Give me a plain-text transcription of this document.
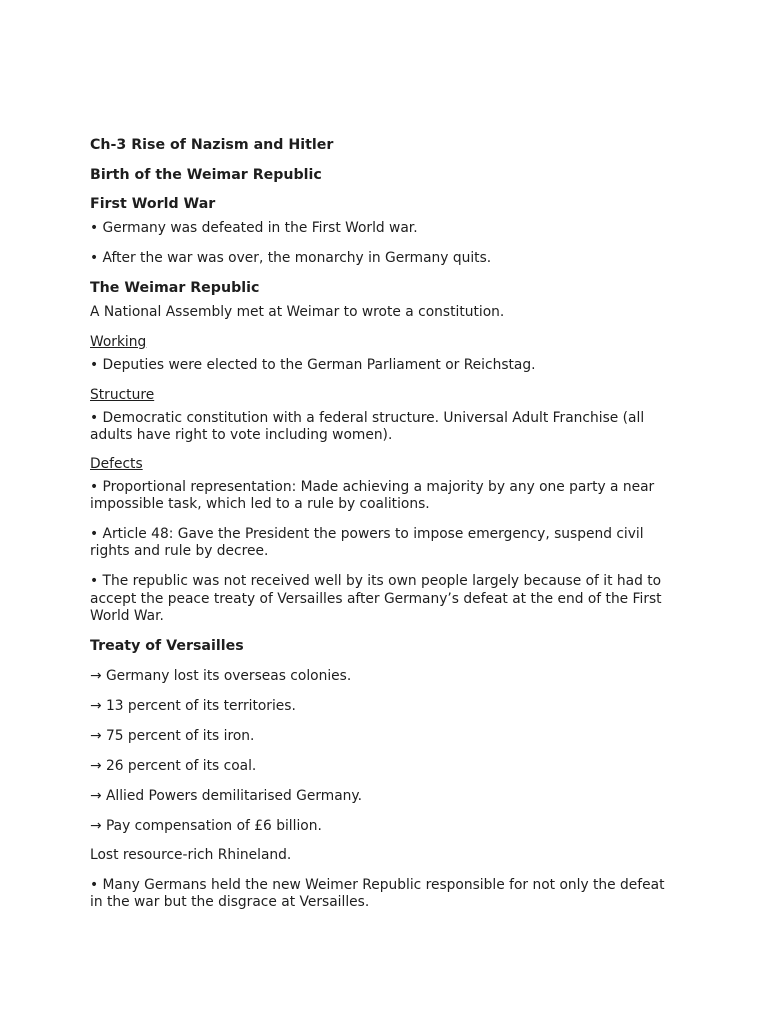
Ch-3 Rise of Nazism and Hitler
Birth of the Weimar Republic
First World War
• Germany was defeated in the First World war.
• After the war was over, the monarchy in Germany quits.
The Weimar Republic
A National Assembly met at Weimar to wrote a constitution.
Working
• Deputies were elected to the German Parliament or Reichstag.
Structure
• Democratic constitution with a federal structure. Universal Adult Franchise (all
adults have right to vote including women).
Defects
• Proportional representation: Made achieving a majority by any one party a near
impossible task, which led to a rule by coalitions.
• Article 48: Gave the President the powers to impose emergency, suspend civil
rights and rule by decree.
• The republic was not received well by its own people largely because of it had to
accept the peace treaty of Versailles after Germany’s defeat at the end of the First
World War.
Treaty of Versailles
→ Germany lost its overseas colonies.
→ 13 percent of its territories.
→ 75 percent of its iron.
→ 26 percent of its coal.
→ Allied Powers demilitarised Germany.
→ Pay compensation of £6 billion.
Lost resource-rich Rhineland.
• Many Germans held the new Weimer Republic responsible for not only the defeat
in the war but the disgrace at Versailles.
